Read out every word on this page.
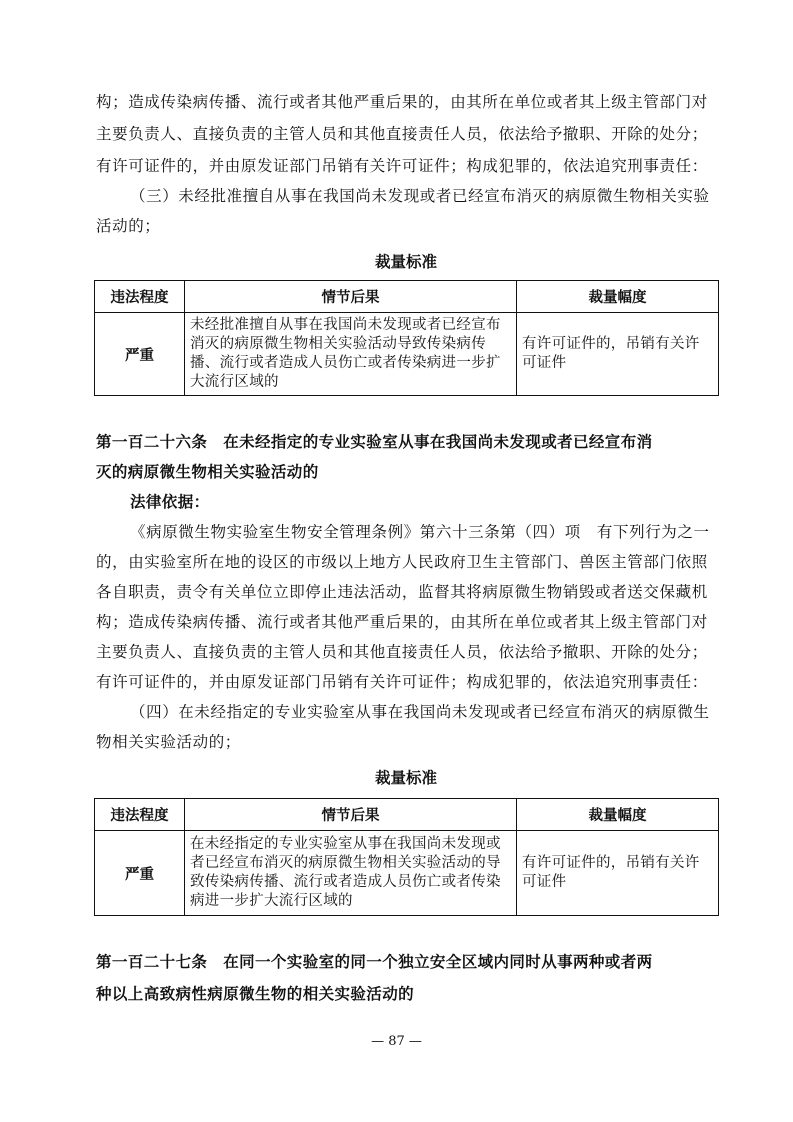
构；造成传染病传播、流行或者其他严重后果的，由其所在单位或者其上级主管部门对
主要负责人、直接负责的主管人员和其他直接责任人员，依法给予撤职、开除的处分；
有许可证件的，并由原发证部门吊销有关许可证件；构成犯罪的，依法追究刑事责任：
（三）未经批准擅自从事在我国尚未发现或者已经宣布消灭的病原微生物相关实验
活动的；
裁量标准
违法程度	情节后果	裁量幅度
严重	未经批准擅自从事在我国尚未发现或者已经宣布消灭的病原微生物相关实验活动导致传染病传播、流行或者造成人员伤亡或者传染病进一步扩大流行区域的	有许可证件的，吊销有关许可证件
第一百二十六条　在未经指定的专业实验室从事在我国尚未发现或者已经宣布消
灭的病原微生物相关实验活动的
法律依据：
《病原微生物实验室生物安全管理条例》第六十三条第（四）项　有下列行为之一
的，由实验室所在地的设区的市级以上地方人民政府卫生主管部门、兽医主管部门依照
各自职责，责令有关单位立即停止违法活动，监督其将病原微生物销毁或者送交保藏机
构；造成传染病传播、流行或者其他严重后果的，由其所在单位或者其上级主管部门对
主要负责人、直接负责的主管人员和其他直接责任人员，依法给予撤职、开除的处分；
有许可证件的，并由原发证部门吊销有关许可证件；构成犯罪的，依法追究刑事责任：
（四）在未经指定的专业实验室从事在我国尚未发现或者已经宣布消灭的病原微生
物相关实验活动的；
裁量标准
违法程度	情节后果	裁量幅度
严重	在未经指定的专业实验室从事在我国尚未发现或者已经宣布消灭的病原微生物相关实验活动的导致传染病传播、流行或者造成人员伤亡或者传染病进一步扩大流行区域的	有许可证件的，吊销有关许可证件
第一百二十七条　在同一个实验室的同一个独立安全区域内同时从事两种或者两
种以上高致病性病原微生物的相关实验活动的
— 87 —
